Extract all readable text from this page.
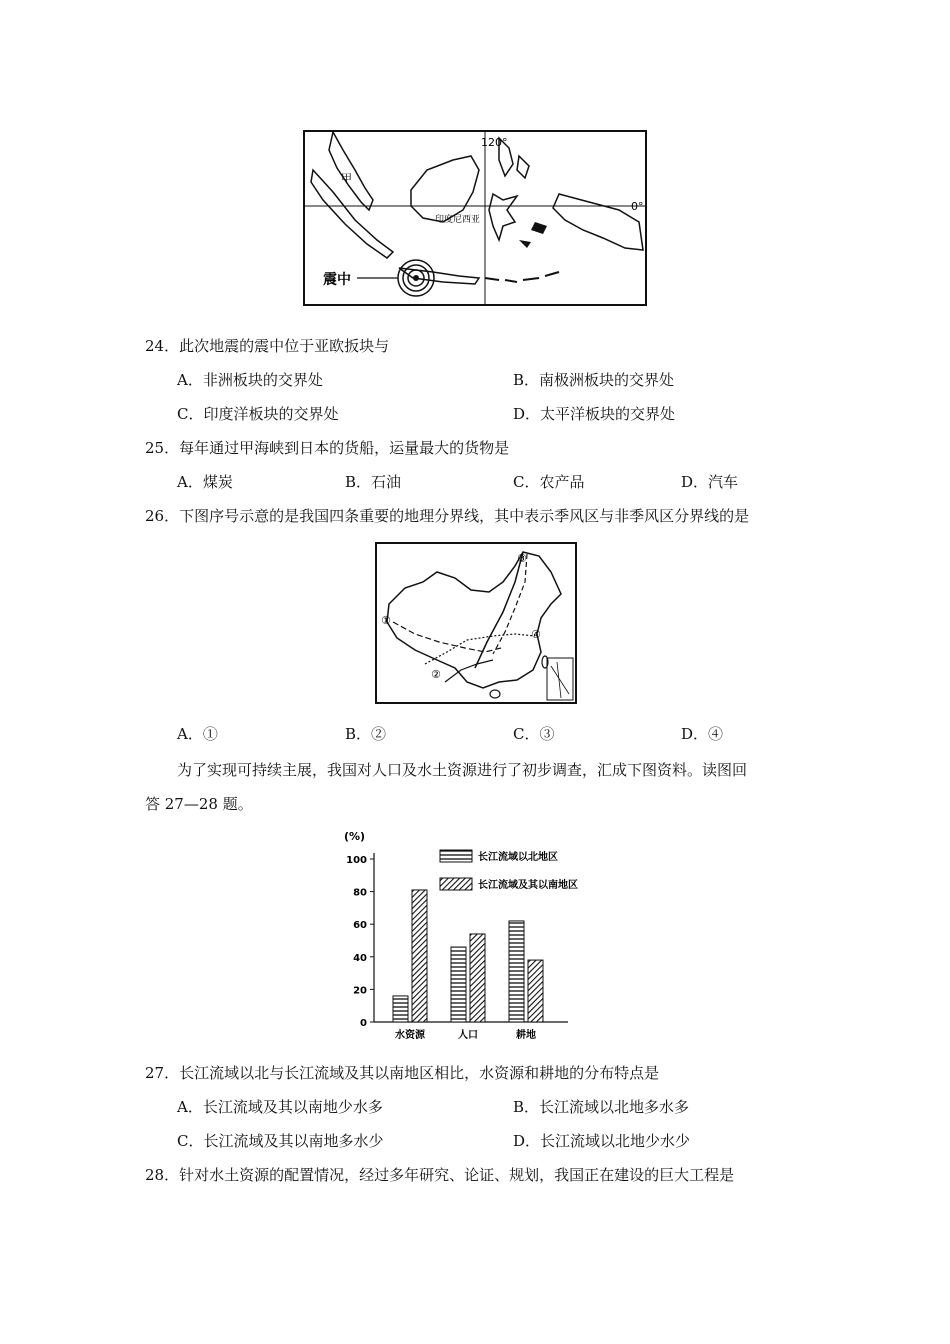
震中
120°
0°
甲
印度尼西亚
24．此次地震的震中位于亚欧扳块与
A．非洲板块的交界处	B．南极洲板块的交界处
C．印度洋板块的交界处	D．太平洋板块的交界处
25．每年通过甲海峡到日本的货船，运量最大的货物是
A．煤炭	B．石油	C．农产品	D．汽车
26．下图序号示意的是我国四条重要的地理分界线，其中表示季风区与非季风区分界线的是
③
①
④
②
A．①	B．②	C．③	D．④
为了实现可持续主展，我国对人口及水土资源进行了初步调查，汇成下图资料。读图回
答 27—28 题。
(%)
100
80
60
40
20
0
水资源	人口	耕地
长江流域以北地区
长江流域及其以南地区
27．长江流域以北与长江流域及其以南地区相比，水资源和耕地的分布特点是
A．长江流域及其以南地少水多	B．长江流域以北地多水多
C．长江流域及其以南地多水少	D．长江流域以北地少水少
28．针对水土资源的配置情况，经过多年研究、论证、规划，我国正在建设的巨大工程是
